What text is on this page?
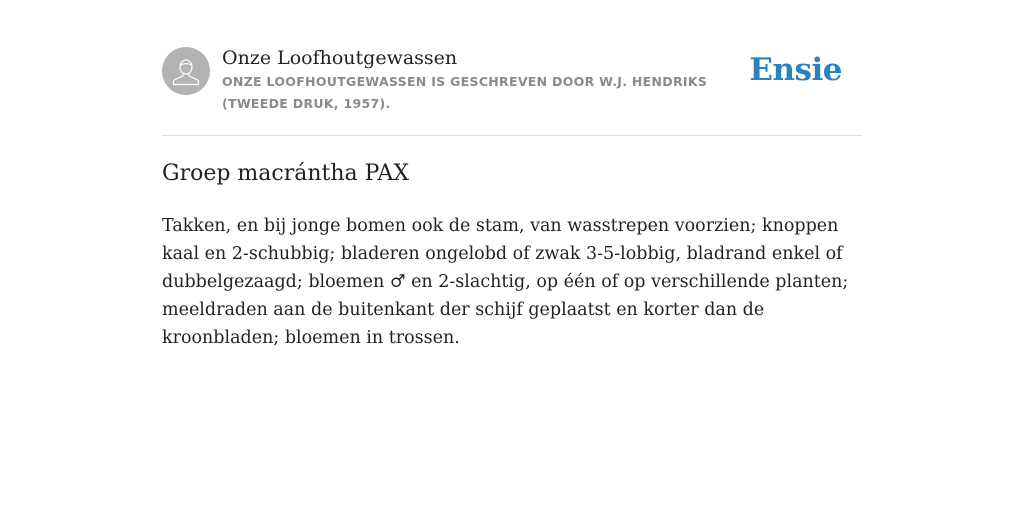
Onze Loofhoutgewassen

ONZE LOOFHOUTGEWASSEN IS GESCHREVEN DOOR W.J. HENDRIKS (TWEEDE DRUK, 1957).

Ensie
Groep macrántha PAX

Takken, en bij jonge bomen ook de stam, van wasstrepen voorzien; knoppen kaal en 2-schubbig; bladeren ongelobd of zwak 3-5-lobbig, bladrand enkel of dubbelgezaagd; bloemen ♂ en 2-slachtig, op één of op verschillende planten; meeldraden aan de buitenkant der schijf geplaatst en korter dan de kroonbladen; bloemen in trossen.
